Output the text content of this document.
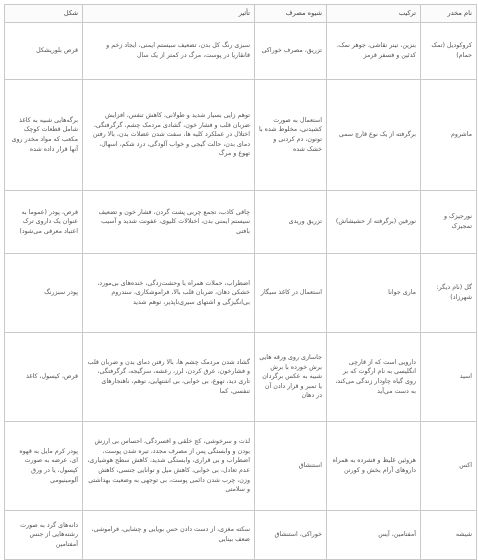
نام مخدر	ترکیب	شیوه مصرف	تأثیر	شکل
کروکودیل (تمک حمام)	بنزین، تینر نقاشی، جوهر نمک، کدئین و فسفر قرمز	تزریق، مصرف خوراکی	سبزی رنگ کل بدن، تضعیف سیستم ایمنی، ایجاد زخم و قانقاریا در پوست، مرگ در کمتر از یک سال	قرص بلوریشکل
ماشروم	برگرفته از یک نوع قارچ سمی	استعمال به صورت کشیدنی، مخلوط شده با توتون، دم کردنی و خشک شده	توهم زایی بسیار شدید و طولانی، کاهش تنفس، افزایش ضربان قلب و فشار خون، گشادی مردمک چشم، گرگرفتگی، اختلال در عملکرد کلیه ها، سفت شدن عضلات بدن، بالا رفتن دمای بدن، حالت گیجی و خواب آلودگی، درد شکم، اسهال، تهوع و مرگ	برگه‌هایی شبیه به کاغذ شامل قطعات کوچک مکعب که مواد مخدر روی آنها قرار داده شده
نورجیزک و تمجیزک	نورفین (برگرفته از حشیشاش)	تزریق وریدی	چاقی کاذب، تجمع چربی پشت گردن، فشار خون و تضعیف سیستم ایمنی بدن، اختلالات کلیوی، عفونت شدید و آسیب بافتی	قرص، پودر (عموما به عنوان یک داروی ترک اعتیاد معرفی می‌شود)
گل (نام دیگر: شهرزاد)	ماری جوانا	استعمال در کاغذ سیگار	اضطراب، حملات همراه با وحشت‌زدگی، خنده‌های بی‌مورد، خشکی دهان، ضربان قلب بالا، فراموشکاری، سندروم بی‌انگیزگی و اشتهای سیری‌ناپذیر، توهم شدید	پودر سبزرنگ
اسید	دارویی است که از قارچی انگلیسی به نام ارگوت که بر روی گیاه چاودار زندگی می‌کند، به دست می‌آید	جاسازی روی ورقه هایی برش خورده با برش شبیه به عکس برگردان یا تمبر و قرار دادن آن در دهان	گشاد شدن مردمک چشم ها، بالا رفتن دمای بدن و ضربان قلب و فشارخون، عرق کردن، لرز، رعشه، سرگیجه، گرگرفتگی، تاری دید، تهوع، بی خوابی، بی اشتهایی، توهم، ناهنجارهای تنفسی، کما	قرص، کپسول، کاغذ
اکس	هروئین غلیظ و فشرده به همراه داروهای آرام بخش و کورتن	استنشاق	لذت و سرخوشی، کج خلقی و افسردگی، احساس بی ارزش بودن و وابستگی پس از مصرف مجدد، تیره شدن پوست، اضطراب و بی قراری، وابستگی شدید، کاهش سطح هوشیاری، عدم تعادل، بی خوابی، کاهش میل و توانایی جنسی، کاهش وزن، چرب شدن دائمی پوست، بی توجهی به وضعیت بهداشتی و سلامتی	پودر کرم مایل به قهوه ای، عرضه به صورت کپسول، یا در ورق آلومینیومی
شیشه	آمفتامین، آیس	خوراکی، استنشاق	سکته مغزی، از دست دادن حس بویایی و چشایی، فراموشی، ضعف بینایی	دانه‌های گرد به صورت رشته‌هایی از جنس آمفتامین
